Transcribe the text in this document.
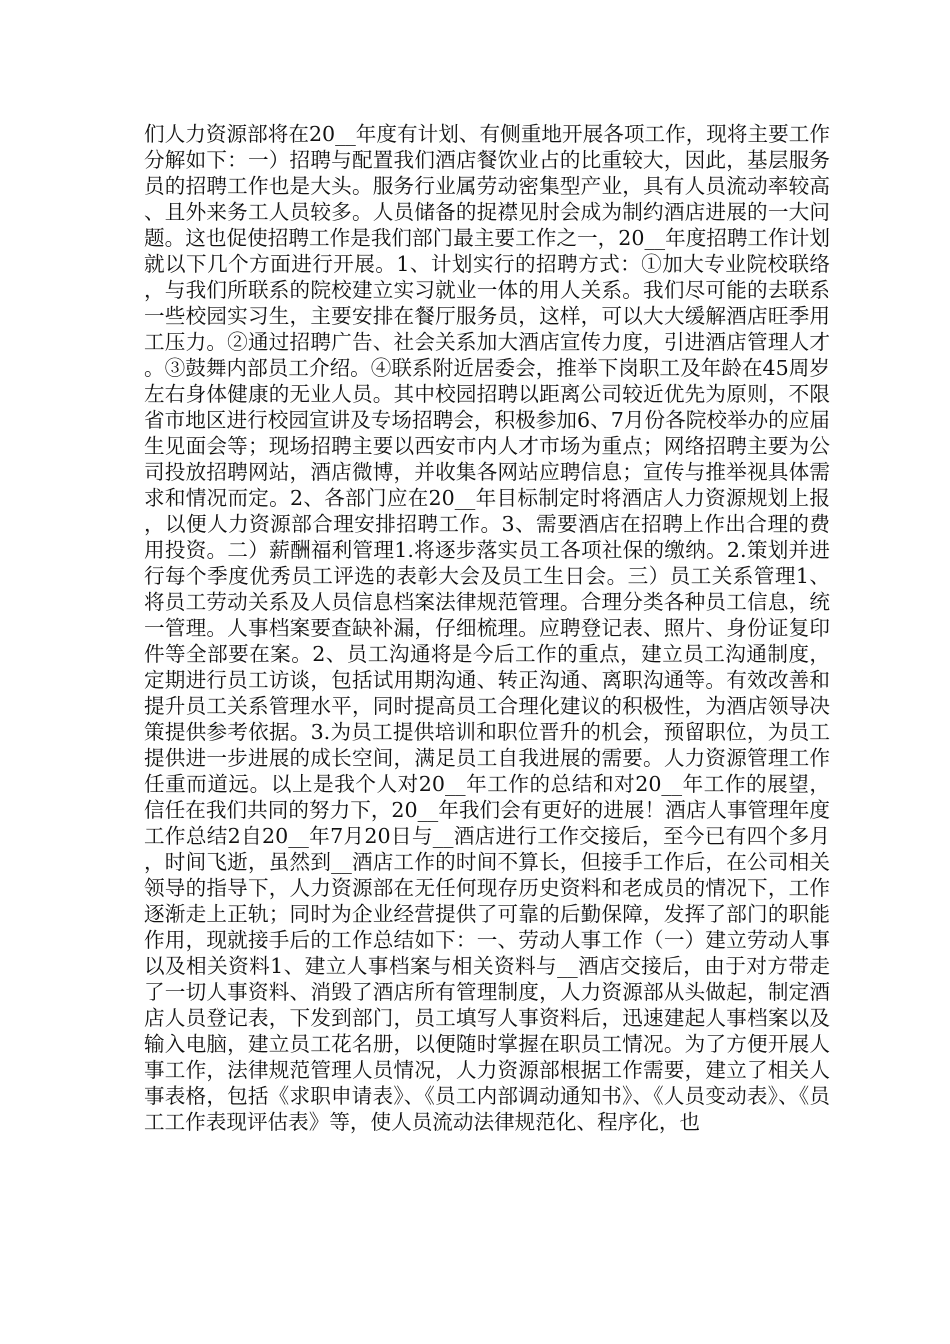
们人力资源部将在20__年度有计划、有侧重地开展各项工作，现将主要工作分解如下：一）招聘与配置我们酒店餐饮业占的比重较大，因此，基层服务员的招聘工作也是大头。服务行业属劳动密集型产业，具有人员流动率较高、且外来务工人员较多。人员储备的捉襟见肘会成为制约酒店进展的一大问题。这也促使招聘工作是我们部门最主要工作之一，20__年度招聘工作计划就以下几个方面进行开展。1、计划实行的招聘方式：①加大专业院校联络，与我们所联系的院校建立实习就业一体的用人关系。我们尽可能的去联系一些校园实习生，主要安排在餐厅服务员，这样，可以大大缓解酒店旺季用工压力。②通过招聘广告、社会关系加大酒店宣传力度，引进酒店管理人才。③鼓舞内部员工介绍。④联系附近居委会，推举下岗职工及年龄在45周岁左右身体健康的无业人员。其中校园招聘以距离公司较近优先为原则，不限省市地区进行校园宣讲及专场招聘会，积极参加6、7月份各院校举办的应届生见面会等；现场招聘主要以西安市内人才市场为重点；网络招聘主要为公司投放招聘网站，酒店微博，并收集各网站应聘信息；宣传与推举视具体需求和情况而定。2、各部门应在20__年目标制定时将酒店人力资源规划上报，以便人力资源部合理安排招聘工作。3、需要酒店在招聘上作出合理的费用投资。二）薪酬福利管理1.将逐步落实员工各项社保的缴纳。2.策划并进行每个季度优秀员工评选的表彰大会及员工生日会。三）员工关系管理1、将员工劳动关系及人员信息档案法律规范管理。合理分类各种员工信息，统一管理。人事档案要查缺补漏，仔细梳理。应聘登记表、照片、身份证复印件等全部要在案。2、员工沟通将是今后工作的重点，建立员工沟通制度，定期进行员工访谈，包括试用期沟通、转正沟通、离职沟通等。有效改善和提升员工关系管理水平，同时提高员工合理化建议的积极性，为酒店领导决策提供参考依据。3.为员工提供培训和职位晋升的机会，预留职位，为员工提供进一步进展的成长空间，满足员工自我进展的需要。人力资源管理工作任重而道远。以上是我个人对20__年工作的总结和对20__年工作的展望，信任在我们共同的努力下，20__年我们会有更好的进展！酒店人事管理年度工作总结2自20__年7月20日与__酒店进行工作交接后，至今已有四个多月，时间飞逝，虽然到__酒店工作的时间不算长，但接手工作后，在公司相关领导的指导下，人力资源部在无任何现存历史资料和老成员的情况下，工作逐渐走上正轨；同时为企业经营提供了可靠的后勤保障，发挥了部门的职能作用，现就接手后的工作总结如下：一、劳动人事工作（一）建立劳动人事以及相关资料1、建立人事档案与相关资料与__酒店交接后，由于对方带走了一切人事资料、消毁了酒店所有管理制度，人力资源部从头做起，制定酒店人员登记表，下发到部门，员工填写人事资料后，迅速建起人事档案以及输入电脑，建立员工花名册，以便随时掌握在职员工情况。为了方便开展人事工作，法律规范管理人员情况，人力资源部根据工作需要，建立了相关人事表格，包括《求职申请表》、《员工内部调动通知书》、《人员变动表》、《员工工作表现评估表》等，使人员流动法律规范化、程序化，也
